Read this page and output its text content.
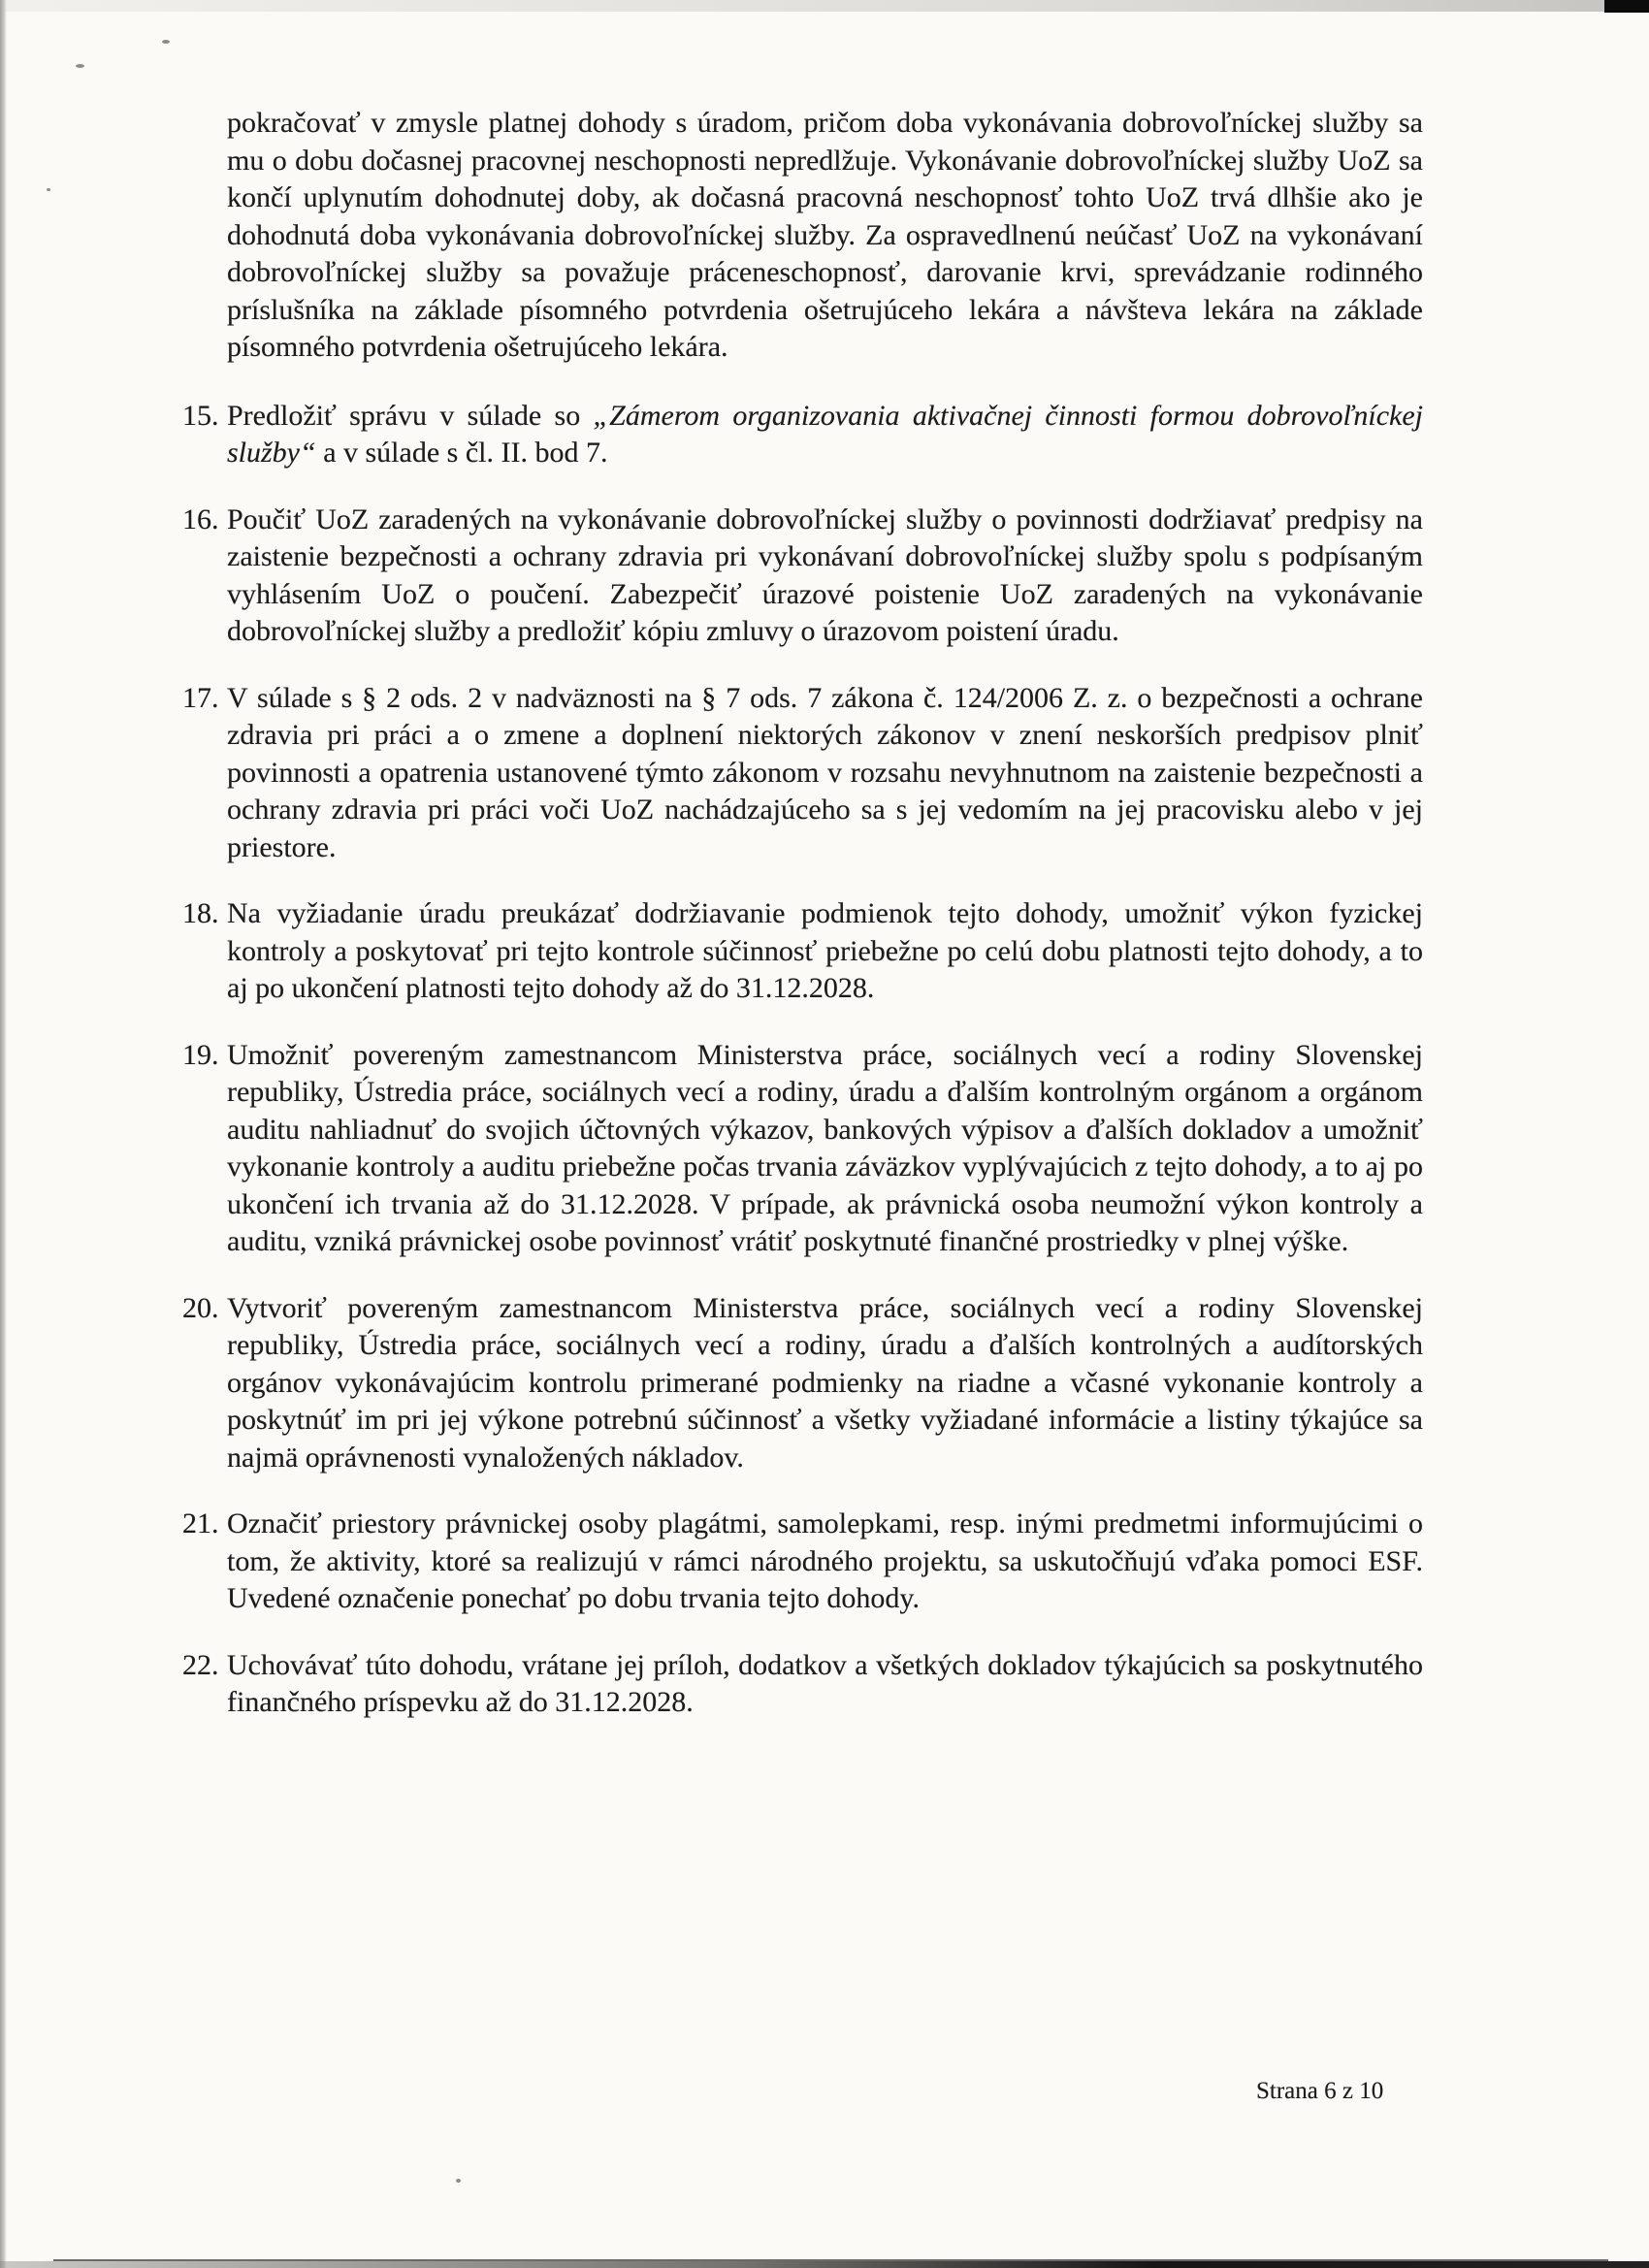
pokračovať v zmysle platnej dohody s úradom, pričom doba vykonávania dobrovoľníckej služby sa mu o dobu dočasnej pracovnej neschopnosti nepredlžuje. Vykonávanie dobrovoľníckej služby UoZ sa končí uplynutím dohodnutej doby, ak dočasná pracovná neschopnosť tohto UoZ trvá dlhšie ako je dohodnutá doba vykonávania dobrovoľníckej služby. Za ospravedlnenú neúčasť UoZ na vykonávaní dobrovoľníckej služby sa považuje práceneschopnosť, darovanie krvi, sprevádzanie rodinného príslušníka na základe písomného potvrdenia ošetrujúceho lekára a návšteva lekára na základe písomného potvrdenia ošetrujúceho lekára.

15. Predložiť správu v súlade so „Zámerom organizovania aktivačnej činnosti formou dobrovoľníckej služby“ a v súlade s čl. II. bod 7.
16. Poučiť UoZ zaradených na vykonávanie dobrovoľníckej služby o povinnosti dodržiavať predpisy na zaistenie bezpečnosti a ochrany zdravia pri vykonávaní dobrovoľníckej služby spolu s podpísaným vyhlásením UoZ o poučení. Zabezpečiť úrazové poistenie UoZ zaradených na vykonávanie dobrovoľníckej služby a predložiť kópiu zmluvy o úrazovom poistení úradu.
17. V súlade s § 2 ods. 2 v nadväznosti na § 7 ods. 7 zákona č. 124/2006 Z. z. o bezpečnosti a ochrane zdravia pri práci a o zmene a doplnení niektorých zákonov v znení neskorších predpisov plniť povinnosti a opatrenia ustanovené týmto zákonom v rozsahu nevyhnutnom na zaistenie bezpečnosti a ochrany zdravia pri práci voči UoZ nachádzajúceho sa s jej vedomím na jej pracovisku alebo v jej priestore.
18. Na vyžiadanie úradu preukázať dodržiavanie podmienok tejto dohody, umožniť výkon fyzickej kontroly a poskytovať pri tejto kontrole súčinnosť priebežne po celú dobu platnosti tejto dohody, a to aj po ukončení platnosti tejto dohody až do 31.12.2028.
19. Umožniť povereným zamestnancom Ministerstva práce, sociálnych vecí a rodiny Slovenskej republiky, Ústredia práce, sociálnych vecí a rodiny, úradu a ďalším kontrolným orgánom a orgánom auditu nahliadnuť do svojich účtovných výkazov, bankových výpisov a ďalších dokladov a umožniť vykonanie kontroly a auditu priebežne počas trvania záväzkov vyplývajúcich z tejto dohody, a to aj po ukončení ich trvania až do 31.12.2028. V prípade, ak právnická osoba neumožní výkon kontroly a auditu, vzniká právnickej osobe povinnosť vrátiť poskytnuté finančné prostriedky v plnej výške.
20. Vytvoriť povereným zamestnancom Ministerstva práce, sociálnych vecí a rodiny Slovenskej republiky, Ústredia práce, sociálnych vecí a rodiny, úradu a ďalších kontrolných a audítorských orgánov vykonávajúcim kontrolu primerané podmienky na riadne a včasné vykonanie kontroly a poskytnúť im pri jej výkone potrebnú súčinnosť a všetky vyžiadané informácie a listiny týkajúce sa najmä oprávnenosti vynaložených nákladov.
21. Označiť priestory právnickej osoby plagátmi, samolepkami, resp. inými predmetmi informujúcimi o tom, že aktivity, ktoré sa realizujú v rámci národného projektu, sa uskutočňujú vďaka pomoci ESF. Uvedené označenie ponechať po dobu trvania tejto dohody.
22. Uchovávať túto dohodu, vrátane jej príloh, dodatkov a všetkých dokladov týkajúcich sa poskytnutého finančného príspevku až do 31.12.2028.
Strana 6 z 10
